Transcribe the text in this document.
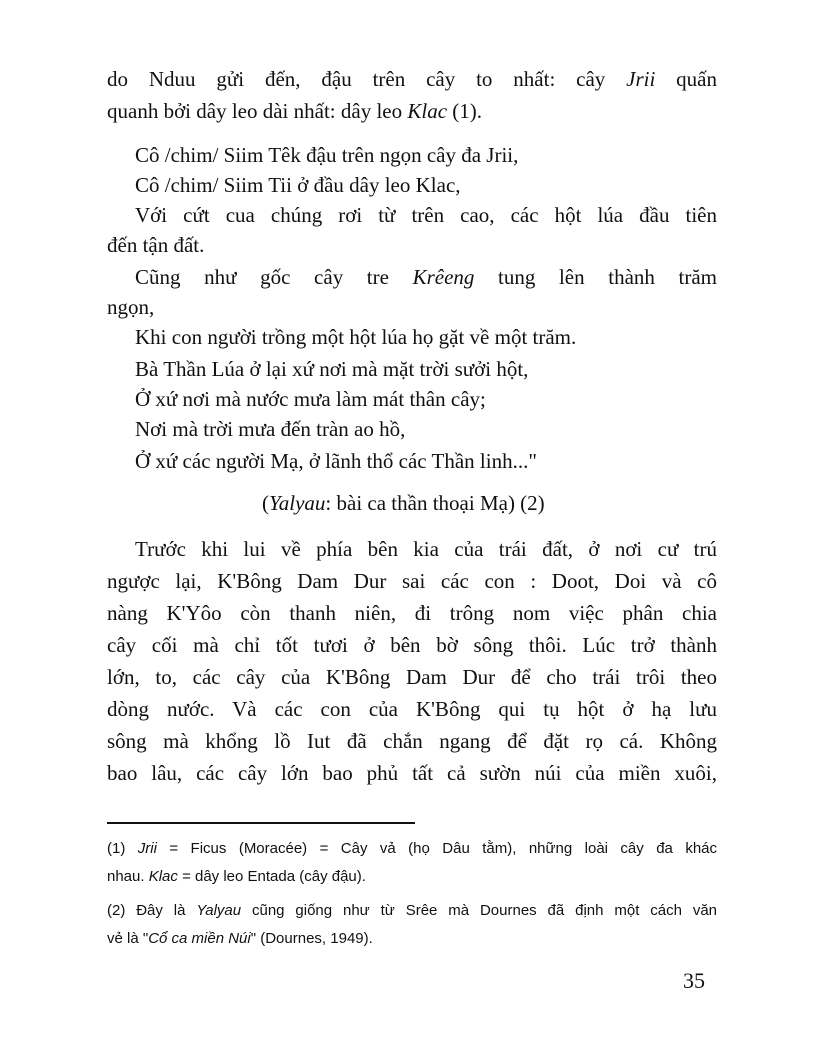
do Nduu gửi đến, đậu trên cây to nhất: cây Jrii quấn
quanh bởi dây leo dài nhất: dây leo Klac (1).
Cô /chim/ Siim Têk đậu trên ngọn cây đa Jrii,
Cô /chim/ Siim Tii ở đầu dây leo Klac,
Với cứt cua chúng rơi từ trên cao, các hột lúa đầu tiên
đến tận đất.
Cũng như gốc cây tre Krêeng tung lên thành trăm
ngọn,
Khi con người trồng một hột lúa họ gặt về một trăm.
Bà Thần Lúa ở lại xứ nơi mà mặt trời sưởi hột,
Ở xứ nơi mà nước mưa làm mát thân cây;
Nơi mà trời mưa đến tràn ao hồ,
Ở xứ các người Mạ, ở lãnh thổ các Thần linh..."
(Yalyau: bài ca thần thoại Mạ) (2)
Trước khi lui về phía bên kia của trái đất, ở nơi cư trú
ngược lại, K'Bông Dam Dur sai các con : Doot, Doi và cô
nàng K'Yôo còn thanh niên, đi trông nom việc phân chia
cây cối mà chỉ tốt tươi ở bên bờ sông thôi. Lúc trở thành
lớn, to, các cây của K'Bông Dam Dur để cho trái trôi theo
dòng nước. Và các con của K'Bông qui tụ hột ở hạ lưu
sông mà khổng lồ Iut đã chắn ngang để đặt rọ cá. Không
bao lâu, các cây lớn bao phủ tất cả sườn núi của miền xuôi,
(1) Jrii = Ficus (Moracée) = Cây vả (họ Dâu tằm), những loài cây đa khác
nhau. Klac = dây leo Entada (cây đậu).
(2) Đây là Yalyau cũng giống như từ Srêe mà Dournes đã định một cách văn
vẻ là "Cổ ca miền Núi" (Dournes, 1949).
35
